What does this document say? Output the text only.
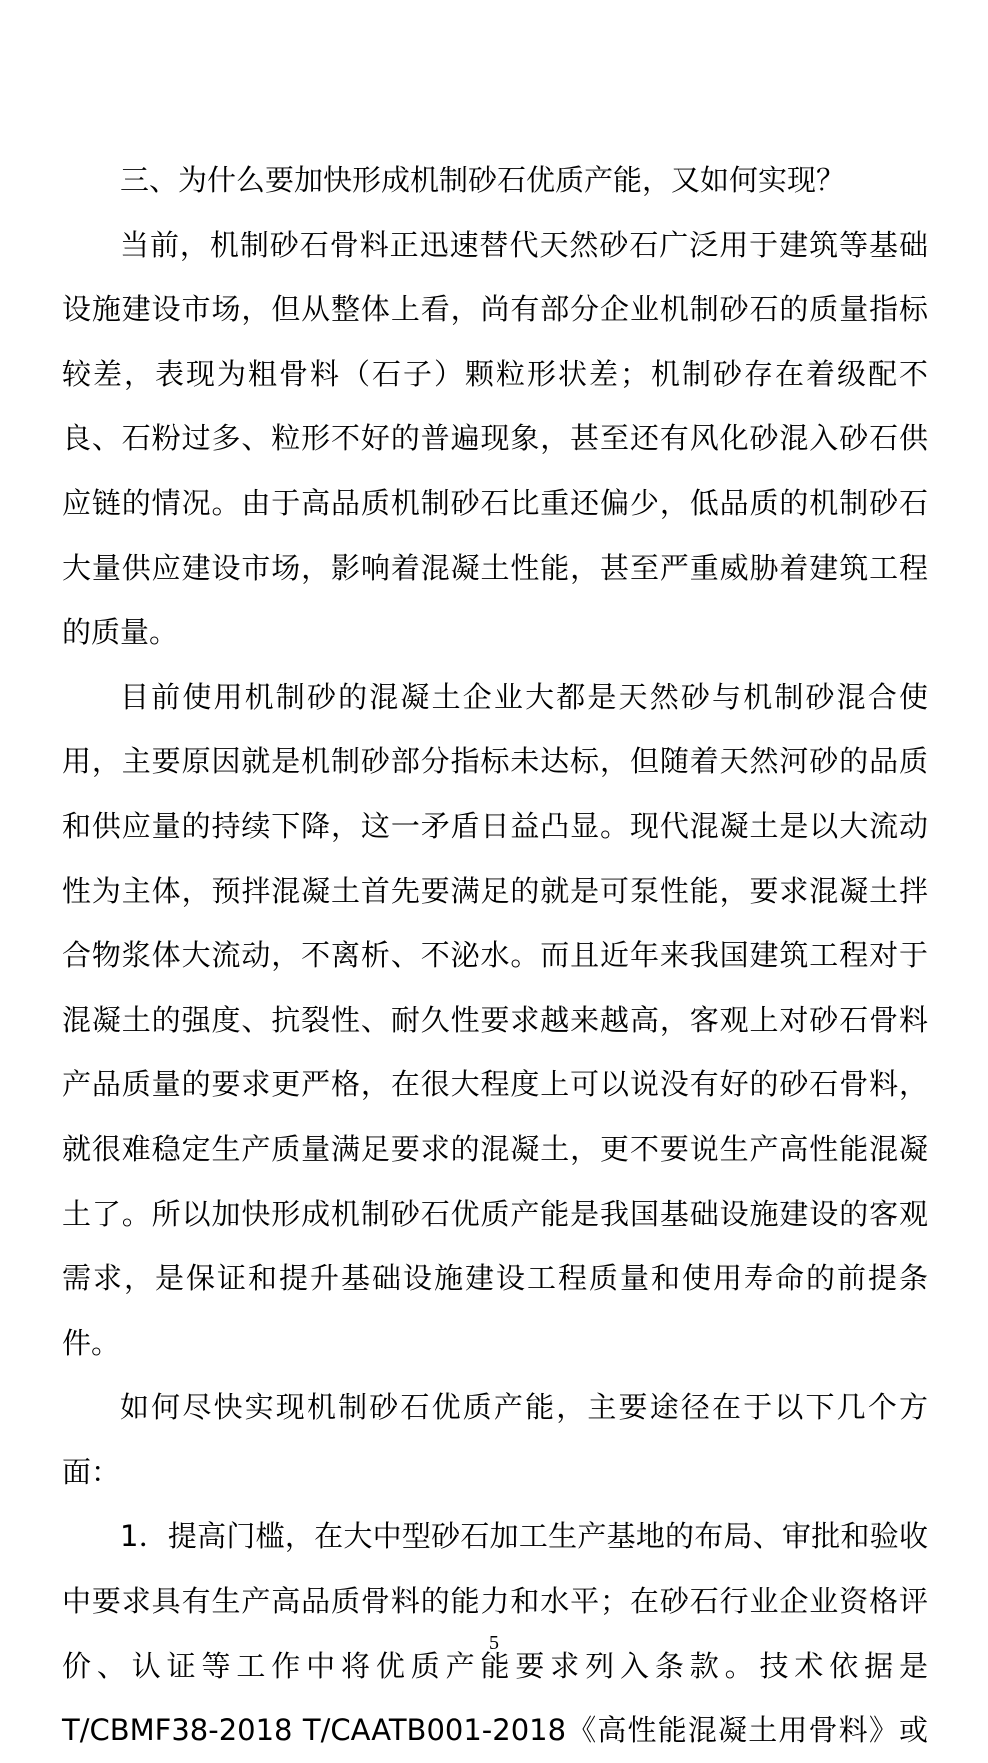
三、为什么要加快形成机制砂石优质产能，又如何实现？

当前，机制砂石骨料正迅速替代天然砂石广泛用于建筑等基础设施建设市场，但从整体上看，尚有部分企业机制砂石的质量指标较差，表现为粗骨料（石子）颗粒形状差；机制砂存在着级配不良、石粉过多、粒形不好的普遍现象，甚至还有风化砂混入砂石供应链的情况。由于高品质机制砂石比重还偏少，低品质的机制砂石大量供应建设市场，影响着混凝土性能，甚至严重威胁着建筑工程的质量。

目前使用机制砂的混凝土企业大都是天然砂与机制砂混合使用，主要原因就是机制砂部分指标未达标，但随着天然河砂的品质和供应量的持续下降，这一矛盾日益凸显。现代混凝土是以大流动性为主体，预拌混凝土首先要满足的就是可泵性能，要求混凝土拌合物浆体大流动，不离析、不泌水。而且近年来我国建筑工程对于混凝土的强度、抗裂性、耐久性要求越来越高，客观上对砂石骨料产品质量的要求更严格，在很大程度上可以说没有好的砂石骨料，就很难稳定生产质量满足要求的混凝土，更不要说生产高性能混凝土了。所以加快形成机制砂石优质产能是我国基础设施建设的客观需求，是保证和提升基础设施建设工程质量和使用寿命的前提条件。

如何尽快实现机制砂石优质产能，主要途径在于以下几个方面：

1．提高门槛，在大中型砂石加工生产基地的布局、审批和验收中要求具有生产高品质骨料的能力和水平；在砂石行业企业资格评价、认证等工作中将优质产能要求列入条款。技术依据是T/CBMF38-2018 T/CAATB001-2018《高性能混凝土用骨料》或

5
